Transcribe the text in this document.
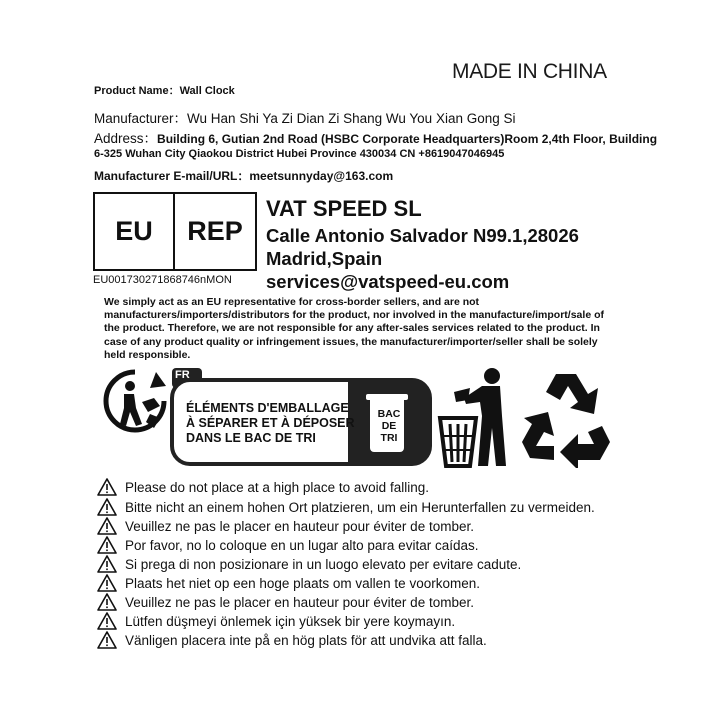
MADE IN CHINA
Product Name：Wall Clock
Manufacturer：Wu Han Shi Ya Zi Dian Zi Shang Wu You Xian Gong Si
Address：Building 6, Gutian 2nd Road (HSBC Corporate Headquarters)Room 2,4th Floor, Building
6-325 Wuhan City Qiaokou District Hubei Province 430034 CN +8619047046945
Manufacturer E-mail/URL：meetsunnyday@163.com
EU	REP
EU001730271868746nMON
VAT SPEED SL
Calle Antonio Salvador N99.1,28026
Madrid,Spain
services@vatspeed-eu.com
We simply act as an EU representative for cross-border sellers, and are not manufacturers/importers/distributors for the product, nor involved in the manufacture/import/sale of the product. Therefore, we are not responsible for any after-sales services related to the product. In case of any product quality or infringement issues, the manufacturer/importer/seller shall be solely held responsible.
FR
ÉLÉMENTS D'EMBALLAGE
À SÉPARER ET À DÉPOSER
DANS LE BAC DE TRI
BAC
DE
TRI
Please do not place at a high place to avoid falling.
Bitte nicht an einem hohen Ort platzieren, um ein Herunterfallen zu vermeiden.
Veuillez ne pas le placer en hauteur pour éviter de tomber.
Por favor, no lo coloque en un lugar alto para evitar caídas.
Si prega di non posizionare in un luogo elevato per evitare cadute.
Plaats het niet op een hoge plaats om vallen te voorkomen.
Veuillez ne pas le placer en hauteur pour éviter de tomber.
Lütfen düşmeyi önlemek için yüksek bir yere koymayın.
Vänligen placera inte på en hög plats för att undvika att falla.
